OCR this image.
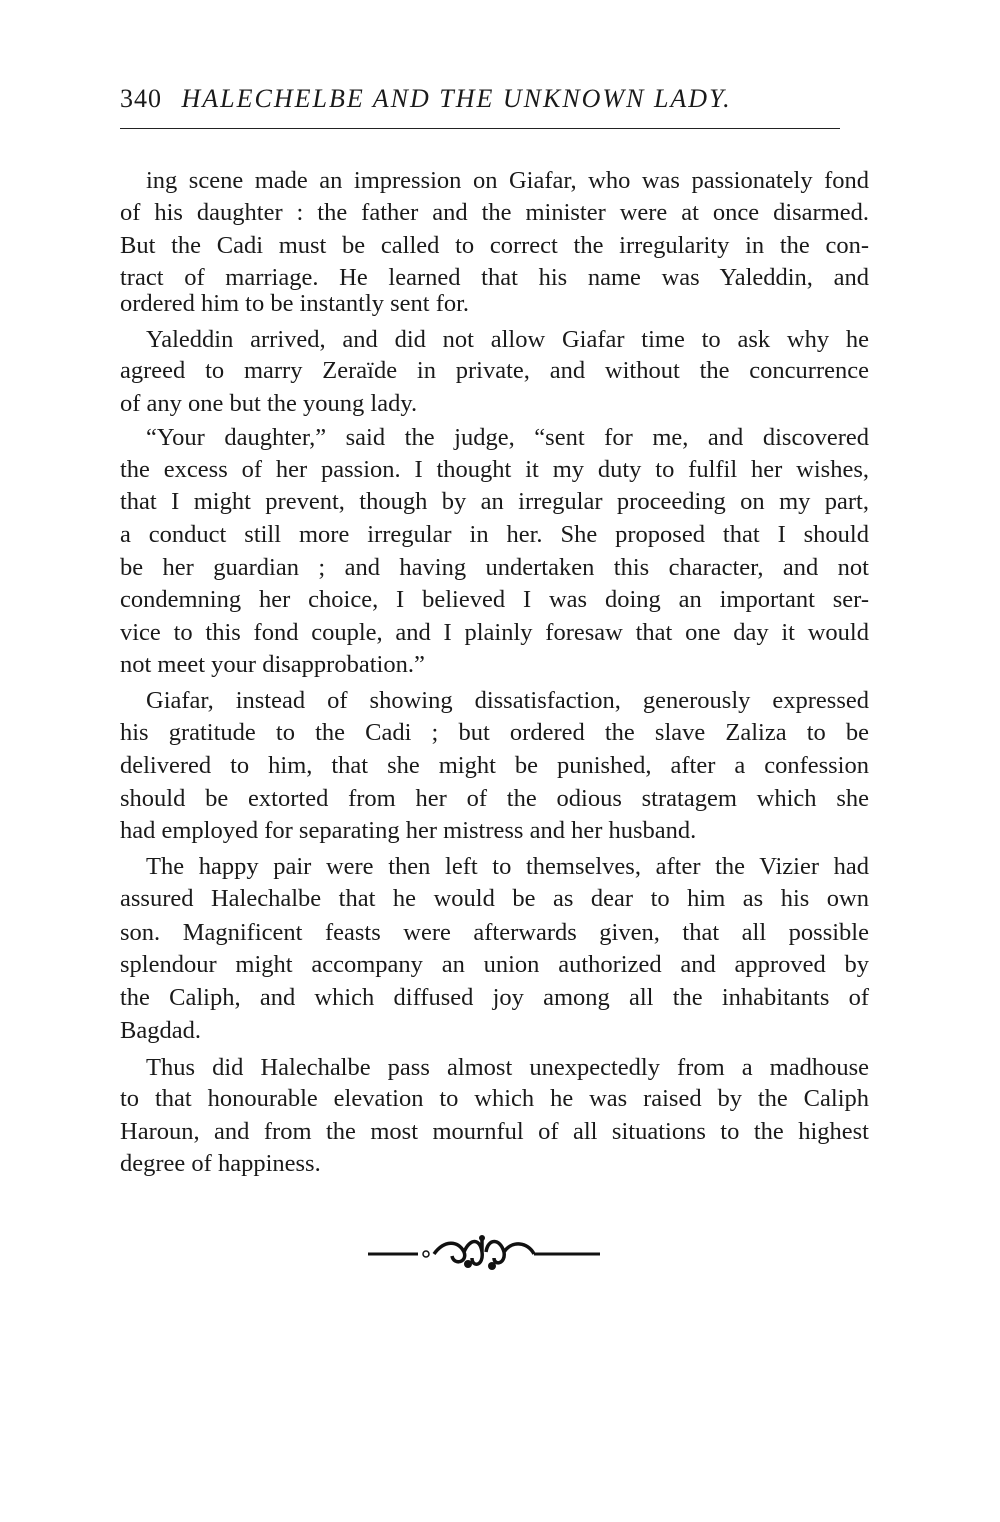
340 HALECHELBE AND THE UNKNOWN LADY.
ing scene made an impression on Giafar, who was passionately fond
of his daughter : the father and the minister were at once disarmed.
But the Cadi must be called to correct the irregularity in the con-
tract of marriage. He learned that his name was Yaleddin, and
ordered him to be instantly sent for.
Yaleddin arrived, and did not allow Giafar time to ask why he
agreed to marry Zeraïde in private, and without the concurrence
of any one but the young lady.
“Your daughter,” said the judge, “sent for me, and discovered
the excess of her passion. I thought it my duty to fulfil her wishes,
that I might prevent, though by an irregular proceeding on my part,
a conduct still more irregular in her. She proposed that I should
be her guardian ; and having undertaken this character, and not
condemning her choice, I believed I was doing an important ser-
vice to this fond couple, and I plainly foresaw that one day it would
not meet your disapprobation.”
Giafar, instead of showing dissatisfaction, generously expressed
his gratitude to the Cadi ; but ordered the slave Zaliza to be
delivered to him, that she might be punished, after a confession
should be extorted from her of the odious stratagem which she
had employed for separating her mistress and her husband.
The happy pair were then left to themselves, after the Vizier had
assured Halechalbe that he would be as dear to him as his own
son. Magnificent feasts were afterwards given, that all possible
splendour might accompany an union authorized and approved by
the Caliph, and which diffused joy among all the inhabitants of
Bagdad.
Thus did Halechalbe pass almost unexpectedly from a madhouse
to that honourable elevation to which he was raised by the Caliph
Haroun, and from the most mournful of all situations to the highest
degree of happiness.
